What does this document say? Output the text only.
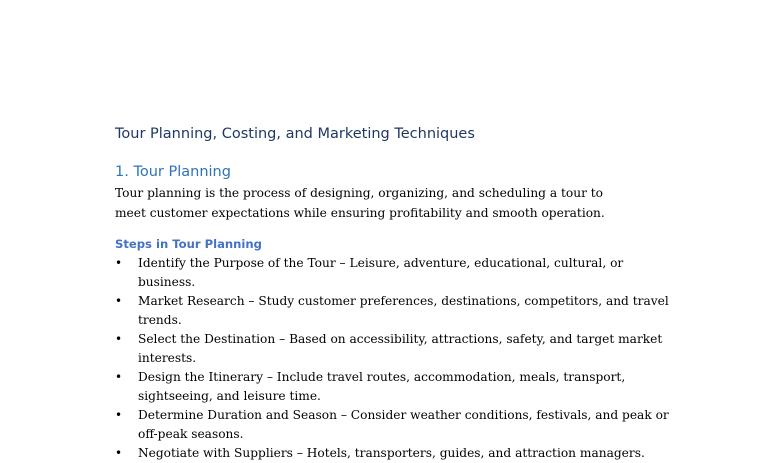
Tour Planning, Costing, and Marketing Techniques
1. Tour Planning
Tour planning is the process of designing, organizing, and scheduling a tour to meet customer expectations while ensuring profitability and smooth operation.
Steps in Tour Planning
• Identify the Purpose of the Tour – Leisure, adventure, educational, cultural, or business.
• Market Research – Study customer preferences, destinations, competitors, and travel trends.
• Select the Destination – Based on accessibility, attractions, safety, and target market interests.
• Design the Itinerary – Include travel routes, accommodation, meals, transport, sightseeing, and leisure time.
• Determine Duration and Season – Consider weather conditions, festivals, and peak or off-peak seasons.
• Negotiate with Suppliers – Hotels, transporters, guides, and attraction managers.
